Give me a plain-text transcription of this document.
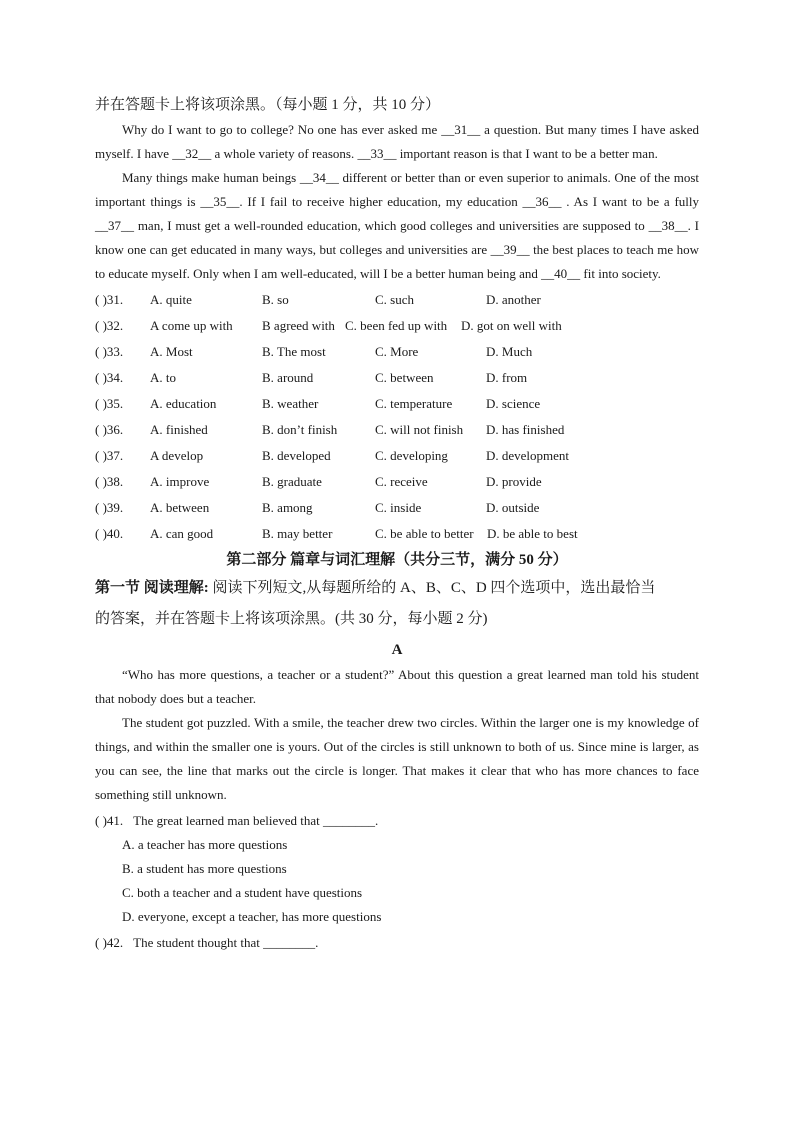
并在答题卡上将该项涂黑。（每小题 1 分，共 10 分）

Why do I want to go to college? No one has ever asked me __31__ a question. But many times I have asked myself. I have __32__ a whole variety of reasons. __33__ important reason is that I want to be a better man.

Many things make human beings __34__ different or better than or even superior to animals. One of the most important things is __35__. If I fail to receive higher education, my education __36__ . As I want to be a fully __37__ man, I must get a well-rounded education, which good colleges and universities are supposed to __38__. I know one can get educated in many ways, but colleges and universities are __39__ the best places to teach me how to educate myself. Only when I am well-educated, will I be a better human being and __40__ fit into society.

( )31. A. quite	B. so	C. such	D. another
( )32. A come up with B agreed with C. been fed up with D. got on well with
( )33. A. Most	B. The most	C. More	D. Much
( )34. A. to	B. around	C. between	D. from
( )35. A. education	B. weather	C. temperature	D. science
( )36. A. finished	B. don’t finish	C. will not finish D. has finished
( )37. A develop	B. developed	C. developing	D. development
( )38. A. improve	B. graduate	C. receive	D. provide
( )39. A. between	B. among	C. inside	D. outside
( )40. A. can good	B. may better	C. be able to better D. be able to best
第二部分 篇章与词汇理解（共分三节，满分 50 分）

第一节 阅读理解: 阅读下列短文,从每题所给的 A、B、C、D 四个选项中，选出最恰当

的答案，并在答题卡上将该项涂黑。(共 30 分，每小题 2 分)

A

“Who has more questions, a teacher or a student?” About this question a great learned man told his student that nobody does but a teacher.

The student got puzzled. With a smile, the teacher drew two circles. Within the larger one is my knowledge of things, and within the smaller one is yours. Out of the circles is still unknown to both of us. Since mine is larger, as you can see, the line that marks out the circle is longer. That makes it clear that who has more chances to face something still unknown.

( )41. The great learned man believed that ________.
A. a teacher has more questions
B. a student has more questions
C. both a teacher and a student have questions
D. everyone, except a teacher, has more questions
( )42. The student thought that ________.
